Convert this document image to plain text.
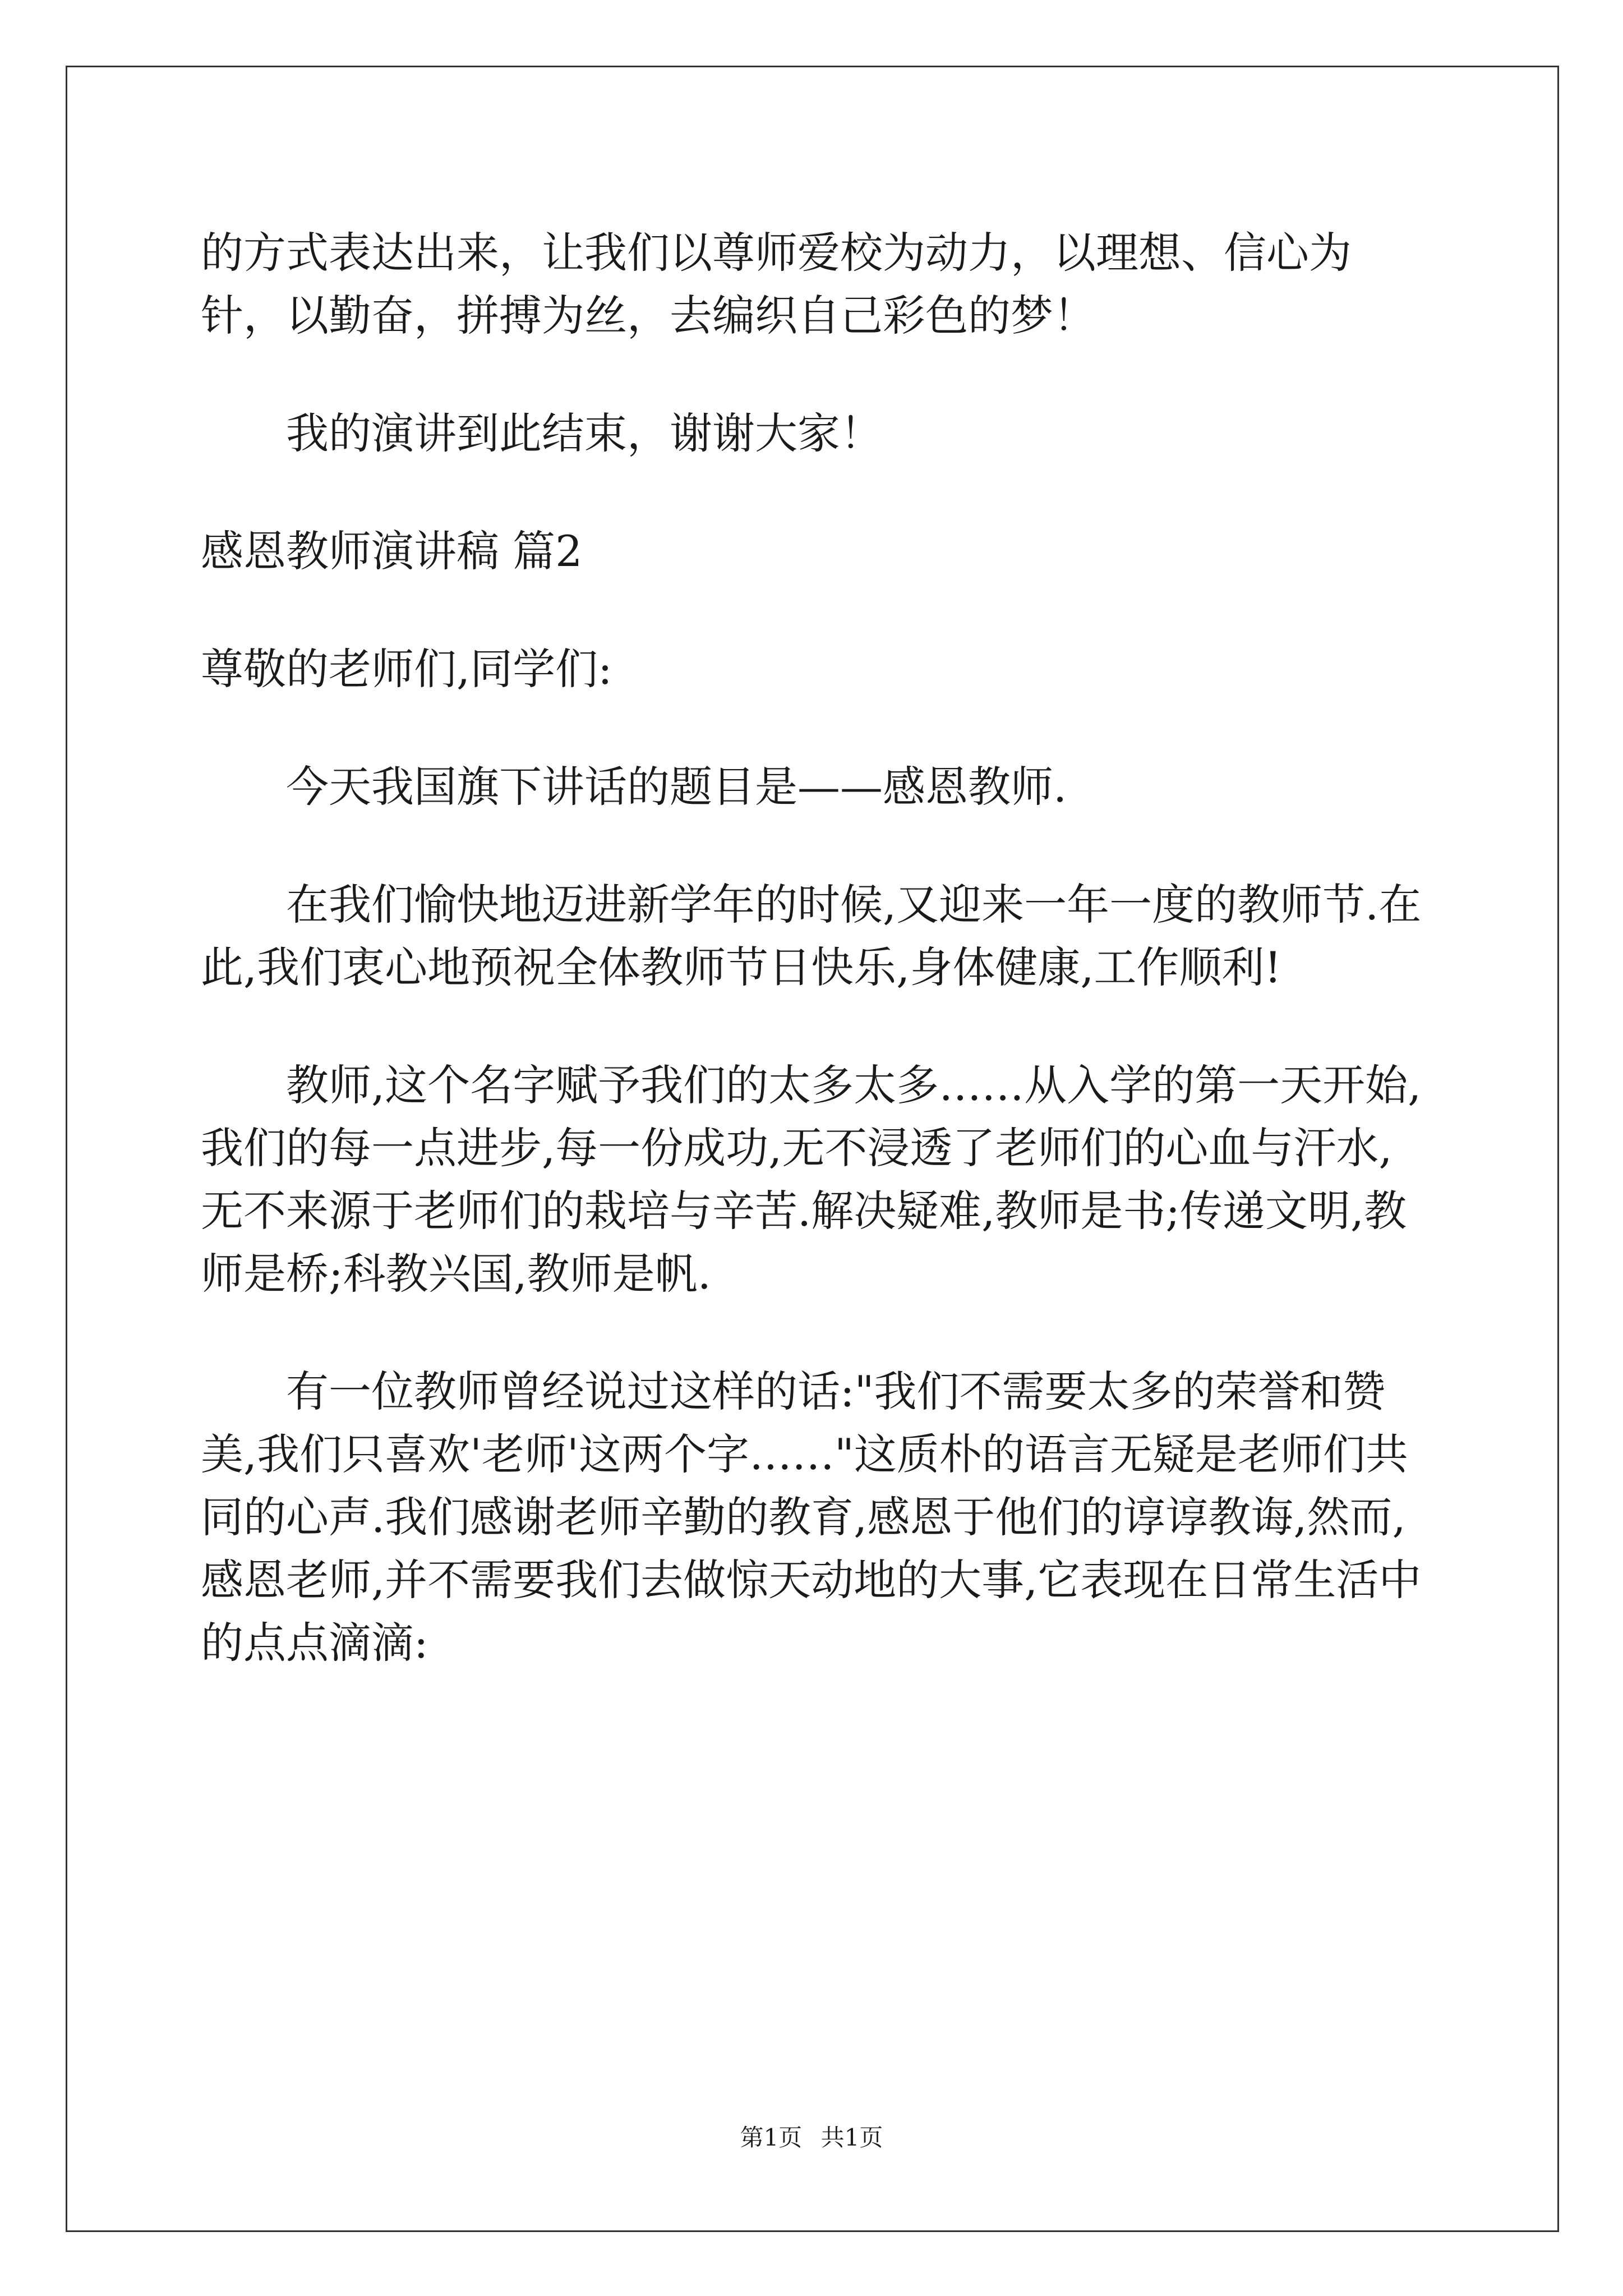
的方式表达出来，让我们以尊师爱校为动力，以理想、信心为针，以勤奋，拼搏为丝，去编织自己彩色的梦！

我的演讲到此结束，谢谢大家！

感恩教师演讲稿 篇2

尊敬的老师们,同学们:

今天我国旗下讲话的题目是——感恩教师.

在我们愉快地迈进新学年的时候,又迎来一年一度的教师节.在此,我们衷心地预祝全体教师节日快乐,身体健康,工作顺利!

教师,这个名字赋予我们的太多太多……从入学的第一天开始,我们的每一点进步,每一份成功,无不浸透了老师们的心血与汗水,无不来源于老师们的栽培与辛苦.解决疑难,教师是书;传递文明,教师是桥;科教兴国,教师是帆.

有一位教师曾经说过这样的话:"我们不需要太多的荣誉和赞美,我们只喜欢'老师'这两个字……"这质朴的语言无疑是老师们共同的心声.我们感谢老师辛勤的教育,感恩于他们的谆谆教诲,然而,感恩老师,并不需要我们去做惊天动地的大事,它表现在日常生活中的点点滴滴:

第1页 共1页
